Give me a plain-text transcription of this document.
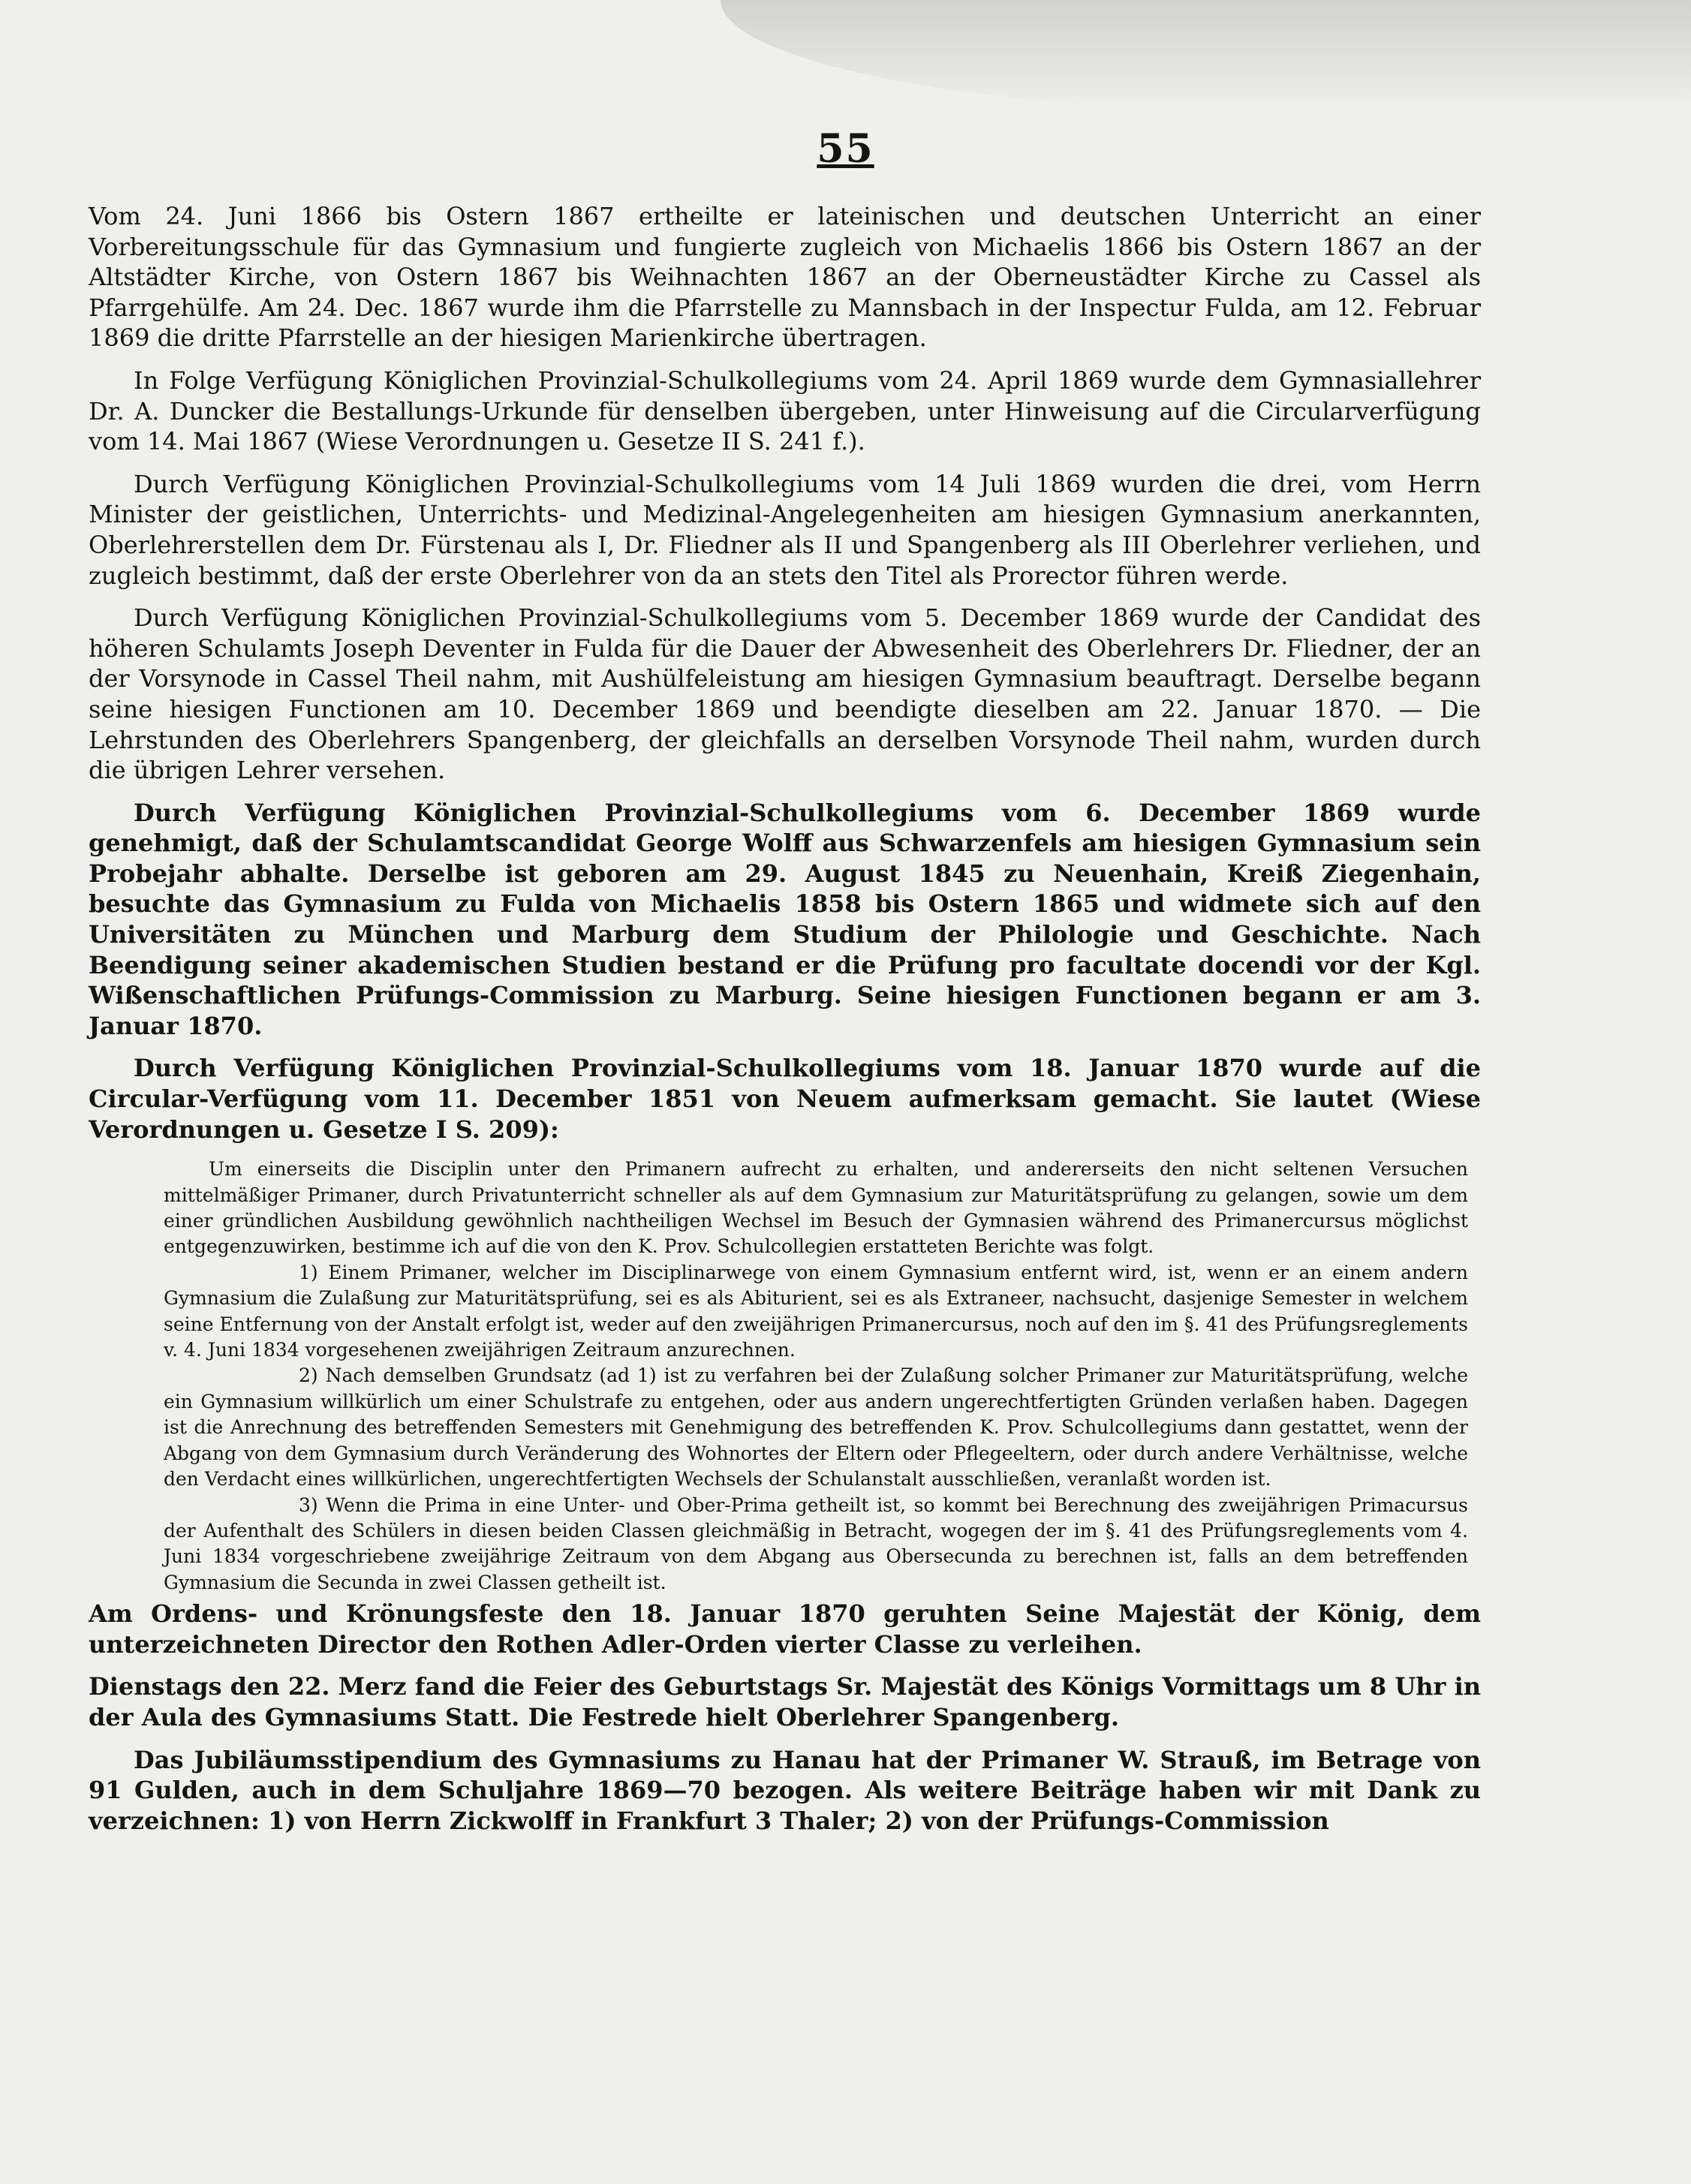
55

Vom 24. Juni 1866 bis Ostern 1867 ertheilte er lateinischen und deutschen Unterricht an einer Vorbereitungsschule für das Gymnasium und fungierte zugleich von Michaelis 1866 bis Ostern 1867 an der Altstädter Kirche, von Ostern 1867 bis Weihnachten 1867 an der Oberneustädter Kirche zu Cassel als Pfarrgehülfe. Am 24. Dec. 1867 wurde ihm die Pfarrstelle zu Mannsbach in der Inspectur Fulda, am 12. Februar 1869 die dritte Pfarrstelle an der hiesigen Marienkirche übertragen.

In Folge Verfügung Königlichen Provinzial-Schulkollegiums vom 24. April 1869 wurde dem Gymnasiallehrer Dr. A. Duncker die Bestallungs-Urkunde für denselben übergeben, unter Hinweisung auf die Circularverfügung vom 14. Mai 1867 (Wiese Verordnungen u. Gesetze II S. 241 f.).

Durch Verfügung Königlichen Provinzial-Schulkollegiums vom 14 Juli 1869 wurden die drei, vom Herrn Minister der geistlichen, Unterrichts- und Medizinal-Angelegenheiten am hiesigen Gymnasium anerkannten, Oberlehrerstellen dem Dr. Fürstenau als I, Dr. Fliedner als II und Spangenberg als III Oberlehrer verliehen, und zugleich bestimmt, daß der erste Oberlehrer von da an stets den Titel als Prorector führen werde.

Durch Verfügung Königlichen Provinzial-Schulkollegiums vom 5. December 1869 wurde der Candidat des höheren Schulamts Joseph Deventer in Fulda für die Dauer der Abwesenheit des Oberlehrers Dr. Fliedner, der an der Vorsynode in Cassel Theil nahm, mit Aushülfeleistung am hiesigen Gymnasium beauftragt. Derselbe begann seine hiesigen Functionen am 10. December 1869 und beendigte dieselben am 22. Januar 1870. — Die Lehrstunden des Oberlehrers Spangenberg, der gleichfalls an derselben Vorsynode Theil nahm, wurden durch die übrigen Lehrer versehen.

Durch Verfügung Königlichen Provinzial-Schulkollegiums vom 6. December 1869 wurde genehmigt, daß der Schulamtscandidat George Wolff aus Schwarzenfels am hiesigen Gymnasium sein Probejahr abhalte. Derselbe ist geboren am 29. August 1845 zu Neuenhain, Kreiß Ziegenhain, besuchte das Gymnasium zu Fulda von Michaelis 1858 bis Ostern 1865 und widmete sich auf den Universitäten zu München und Marburg dem Studium der Philologie und Geschichte. Nach Beendigung seiner akademischen Studien bestand er die Prüfung pro facultate docendi vor der Kgl. Wißenschaftlichen Prüfungs-Commission zu Marburg. Seine hiesigen Functionen begann er am 3. Januar 1870.

Durch Verfügung Königlichen Provinzial-Schulkollegiums vom 18. Januar 1870 wurde auf die Circular-Verfügung vom 11. December 1851 von Neuem aufmerksam gemacht. Sie lautet (Wiese Verordnungen u. Gesetze I S. 209):

Um einerseits die Disciplin unter den Primanern aufrecht zu erhalten, und andererseits den nicht seltenen Versuchen mittelmäßiger Primaner, durch Privatunterricht schneller als auf dem Gymnasium zur Maturitätsprüfung zu gelangen, sowie um dem einer gründlichen Ausbildung gewöhnlich nachtheiligen Wechsel im Besuch der Gymnasien während des Primanercursus möglichst entgegenzuwirken, bestimme ich auf die von den K. Prov. Schulcollegien erstatteten Berichte was folgt.

1) Einem Primaner, welcher im Disciplinarwege von einem Gymnasium entfernt wird, ist, wenn er an einem andern Gymnasium die Zulaßung zur Maturitätsprüfung, sei es als Abiturient, sei es als Extraneer, nachsucht, dasjenige Semester in welchem seine Entfernung von der Anstalt erfolgt ist, weder auf den zweijährigen Primanercursus, noch auf den im §. 41 des Prüfungsreglements v. 4. Juni 1834 vorgesehenen zweijährigen Zeitraum anzurechnen.

2) Nach demselben Grundsatz (ad 1) ist zu verfahren bei der Zulaßung solcher Primaner zur Maturitätsprüfung, welche ein Gymnasium willkürlich um einer Schulstrafe zu entgehen, oder aus andern ungerechtfertigten Gründen verlaßen haben. Dagegen ist die Anrechnung des betreffenden Semesters mit Genehmigung des betreffenden K. Prov. Schulcollegiums dann gestattet, wenn der Abgang von dem Gymnasium durch Veränderung des Wohnortes der Eltern oder Pflegeeltern, oder durch andere Verhältnisse, welche den Verdacht eines willkürlichen, ungerechtfertigten Wechsels der Schulanstalt ausschließen, veranlaßt worden ist.

3) Wenn die Prima in eine Unter- und Ober-Prima getheilt ist, so kommt bei Berechnung des zweijährigen Primacursus der Aufenthalt des Schülers in diesen beiden Classen gleichmäßig in Betracht, wogegen der im §. 41 des Prüfungsreglements vom 4. Juni 1834 vorgeschriebene zweijährige Zeitraum von dem Abgang aus Obersecunda zu berechnen ist, falls an dem betreffenden Gymnasium die Secunda in zwei Classen getheilt ist.

Am Ordens- und Krönungsfeste den 18. Januar 1870 geruhten Seine Majestät der König, dem unterzeichneten Director den Rothen Adler-Orden vierter Classe zu verleihen.

Dienstags den 22. Merz fand die Feier des Geburtstags Sr. Majestät des Königs Vormittags um 8 Uhr in der Aula des Gymnasiums Statt. Die Festrede hielt Oberlehrer Spangenberg.

Das Jubiläumsstipendium des Gymnasiums zu Hanau hat der Primaner W. Strauß, im Betrage von 91 Gulden, auch in dem Schuljahre 1869—70 bezogen. Als weitere Beiträge haben wir mit Dank zu verzeichnen: 1) von Herrn Zickwolff in Frankfurt 3 Thaler; 2) von der Prüfungs-Commission
